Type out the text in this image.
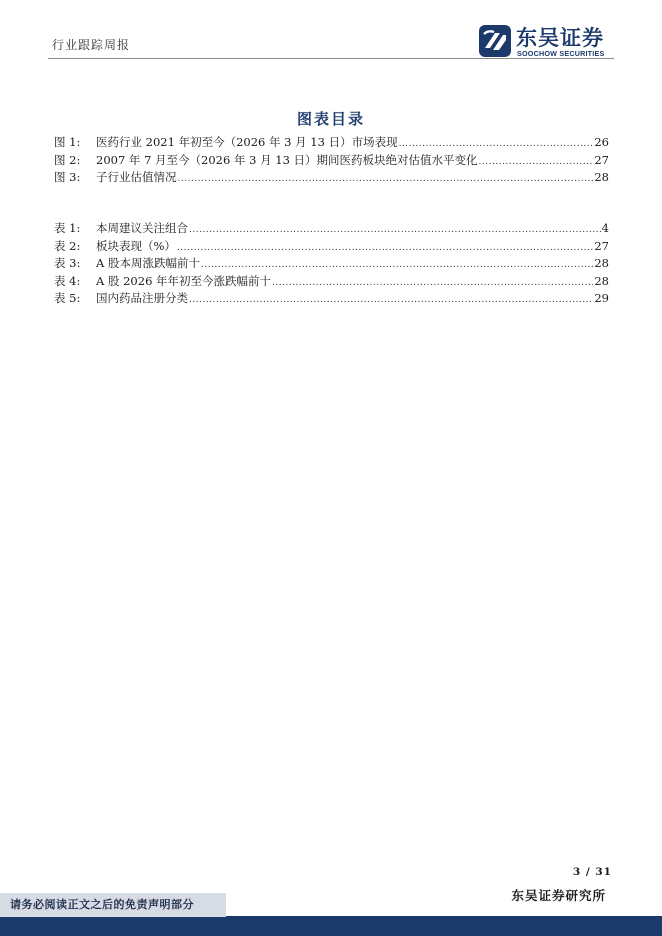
行业跟踪周报	东吴证券
SOOCHOW SECURITIES
图表目录
图 1:	医药行业 2021 年初至今（2026 年 3 月 13 日）市场表现 .....	26
图 2:	2007 年 7 月至今（2026 年 3 月 13 日）期间医药板块绝对估值水平变化 .....	27
图 3:	子行业估值情况 .....	28
表 1:	本周建议关注组合 .....	4
表 2:	板块表现（%） .....	27
表 3:	A 股本周涨跌幅前十 .....	28
表 4:	A 股 2026 年年初至今涨跌幅前十 .....	28
表 5:	国内药品注册分类 .....	29
3 / 31
东吴证券研究所
请务必阅读正文之后的免责声明部分
